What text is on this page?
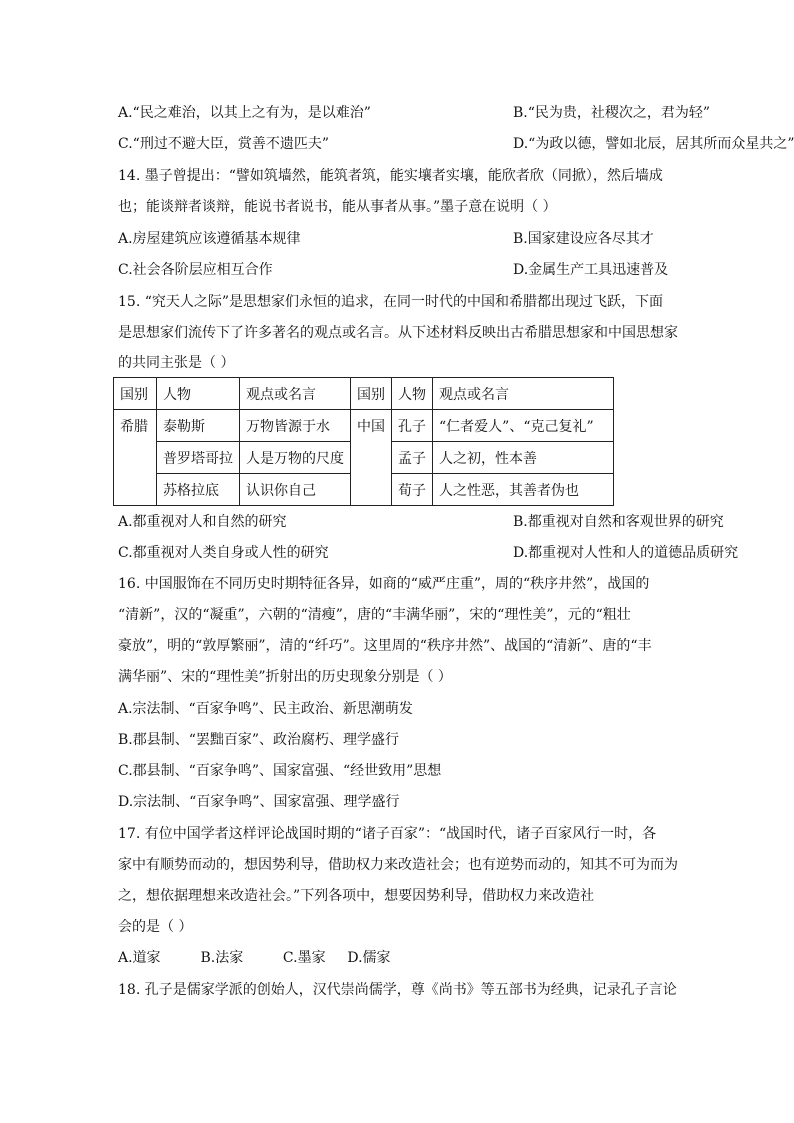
A.“民之难治，以其上之有为，是以难治”	B.“民为贵，社稷次之，君为轻”
C.“刑过不避大臣，赏善不遗匹夫”	D.“为政以德，譬如北辰，居其所而众星共之”
14. 墨子曾提出：“譬如筑墙然，能筑者筑，能实壤者实壤，能欣者欣（同掀），然后墙成
也；能谈辩者谈辩，能说书者说书，能从事者从事。”墨子意在说明（ ）
A.房屋建筑应该遵循基本规律	B.国家建设应各尽其才
C.社会各阶层应相互合作	D.金属生产工具迅速普及
15. “究天人之际”是思想家们永恒的追求，在同一时代的中国和希腊都出现过飞跃，下面
是思想家们流传下了许多著名的观点或名言。从下述材料反映出古希腊思想家和中国思想家
的共同主张是（ ）
国别	人物	观点或名言	国别	人物	观点或名言
希腊	泰勒斯	万物皆源于水	中国	孔子	“仁者爱人”、“克己复礼”
	普罗塔哥拉	人是万物的尺度		孟子	人之初，性本善
	苏格拉底	认识你自己		荀子	人之性恶，其善者伪也
A.都重视对人和自然的研究	B.都重视对自然和客观世界的研究
C.都重视对人类自身或人性的研究	D.都重视对人性和人的道德品质研究
16. 中国服饰在不同历史时期特征各异，如商的“威严庄重”，周的“秩序井然”，战国的
“清新”，汉的“凝重”，六朝的“清瘦”，唐的“丰满华丽”，宋的“理性美”，元的“粗壮
豪放”，明的“敦厚繁丽”，清的“纤巧”。这里周的“秩序井然”、战国的“清新”、唐的“丰
满华丽”、宋的“理性美”折射出的历史现象分别是（ ）
A.宗法制、“百家争鸣”、民主政治、新思潮萌发
B.郡县制、“罢黜百家”、政治腐朽、理学盛行
C.郡县制、“百家争鸣”、国家富强、“经世致用”思想
D.宗法制、“百家争鸣”、国家富强、理学盛行
17. 有位中国学者这样评论战国时期的“诸子百家”：“战国时代，诸子百家风行一时，各
家中有顺势而动的，想因势利导，借助权力来改造社会；也有逆势而动的，知其不可为而为
之，想依据理想来改造社会。”下列各项中，想要因势利导，借助权力来改造社
会的是（ ）
A.道家	B.法家	C.墨家 D.儒家
18. 孔子是儒家学派的创始人，汉代崇尚儒学，尊《尚书》等五部书为经典，记录孔子言论
